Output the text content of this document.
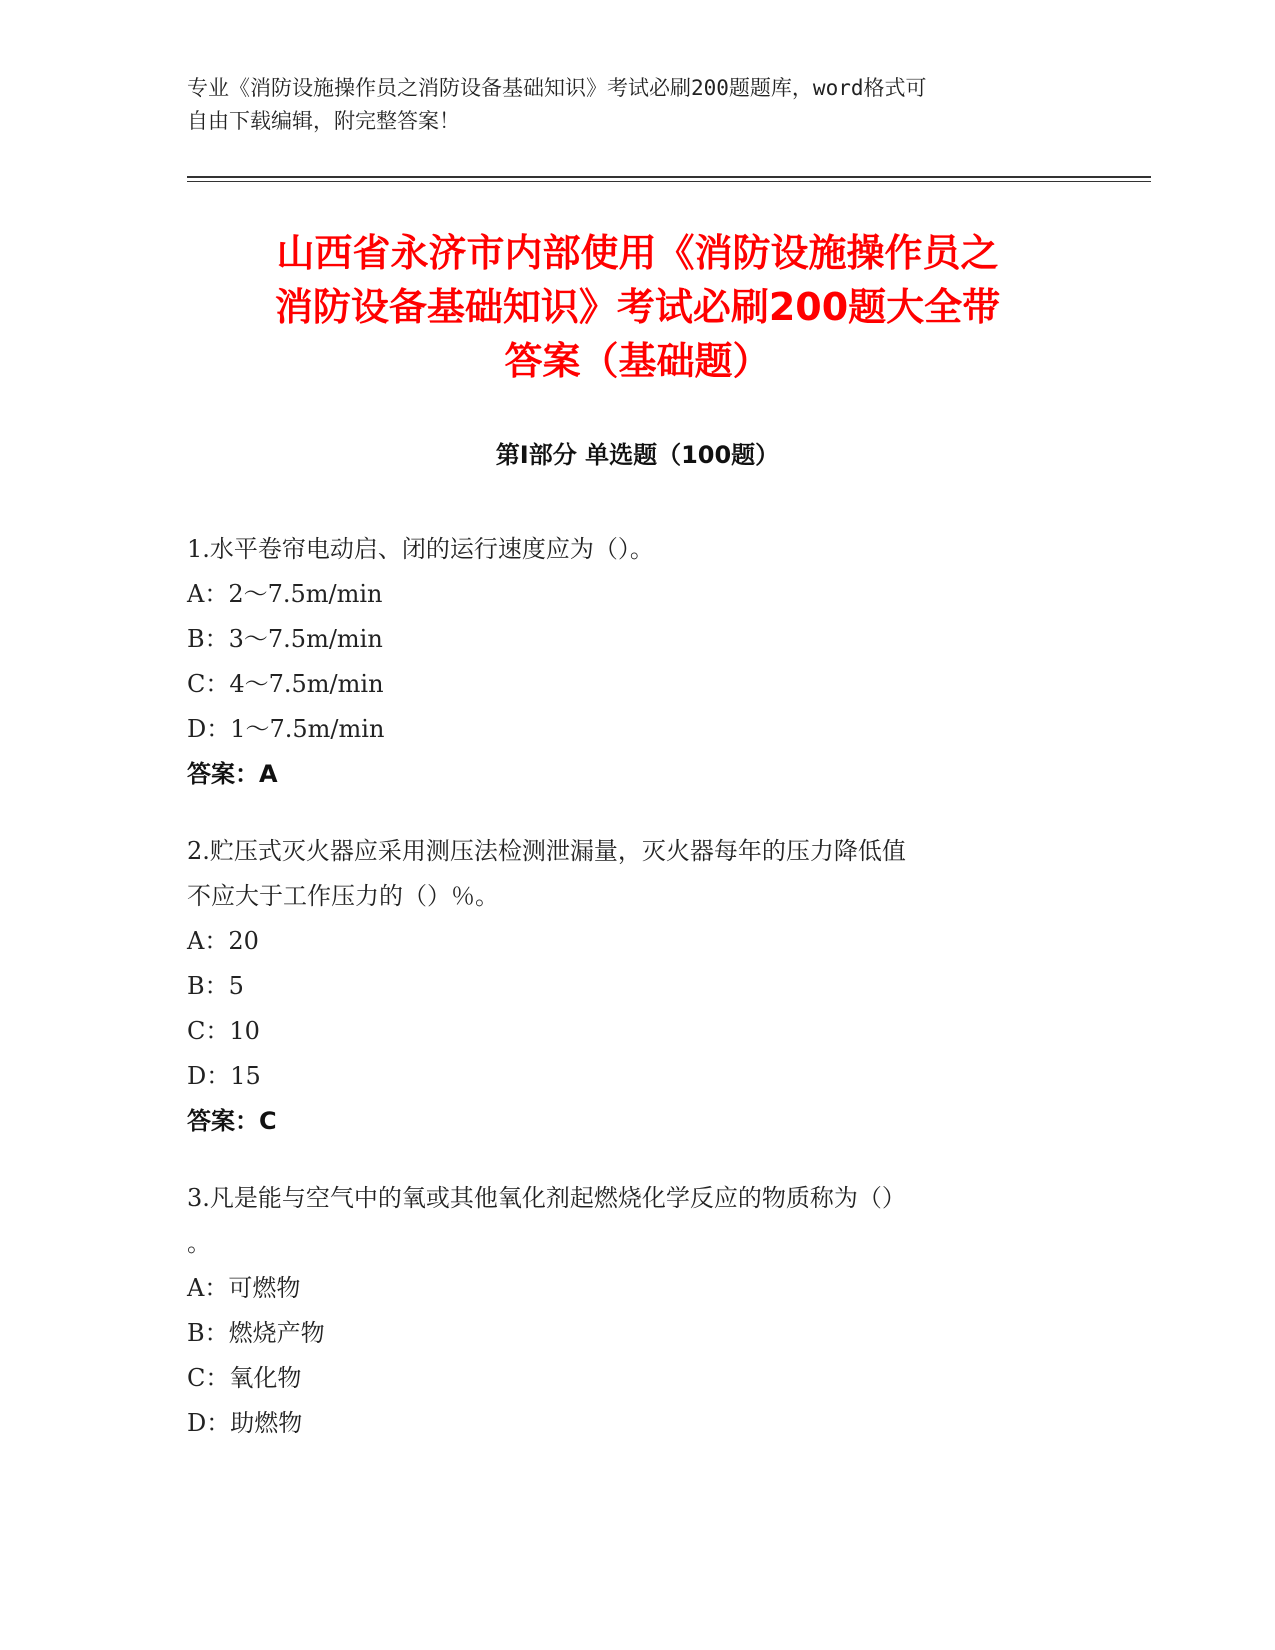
专业《消防设施操作员之消防设备基础知识》考试必刷200题题库，word格式可
自由下载编辑，附完整答案！
山西省永济市内部使用《消防设施操作员之
消防设备基础知识》考试必刷200题大全带
答案（基础题）
第Ⅰ部分 单选题（100题）
1.水平卷帘电动启、闭的运行速度应为（）。
A：2～7.5m/min
B：3～7.5m/min
C：4～7.5m/min
D：1～7.5m/min
答案：A
2.贮压式灭火器应采用测压法检测泄漏量，灭火器每年的压力降低值
不应大于工作压力的（）％。
A：20
B：5
C：10
D：15
答案：C
3.凡是能与空气中的氧或其他氧化剂起燃烧化学反应的物质称为（）
。
A：可燃物
B：燃烧产物
C：氧化物
D：助燃物
